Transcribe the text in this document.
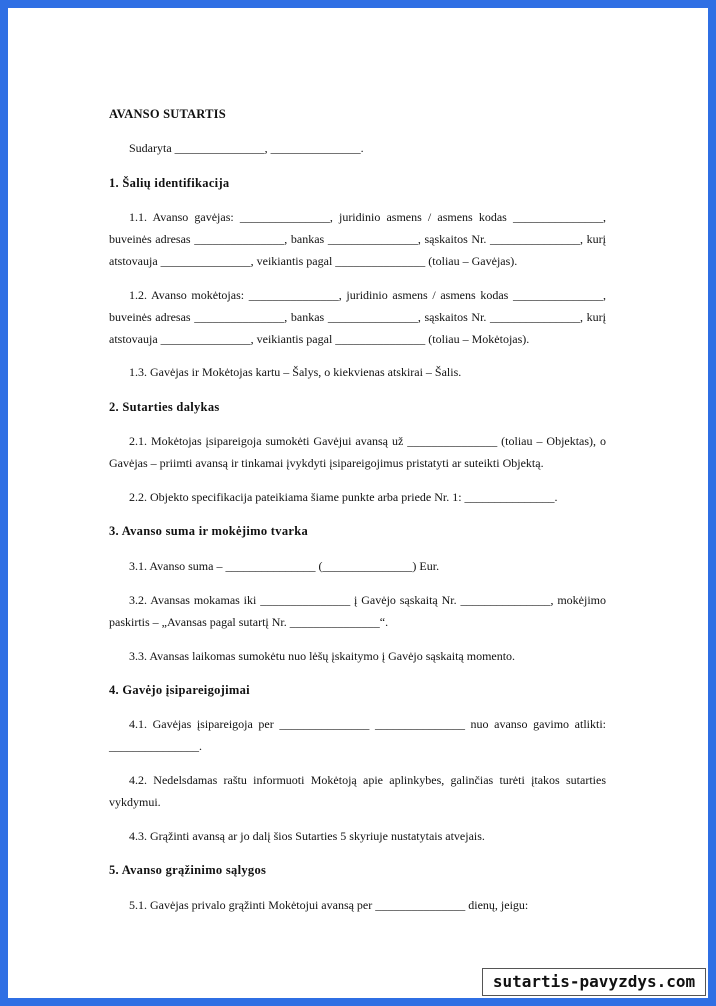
AVANSO SUTARTIS

Sudaryta _______________, _______________.

1. Šalių identifikacija

1.1. Avanso gavėjas: _______________, juridinio asmens / asmens kodas _______________, buveinės adresas _______________, bankas _______________, sąskaitos Nr. _______________, kurį atstovauja _______________, veikiantis pagal _______________ (toliau – Gavėjas).

1.2. Avanso mokėtojas: _______________, juridinio asmens / asmens kodas _______________, buveinės adresas _______________, bankas _______________, sąskaitos Nr. _______________, kurį atstovauja _______________, veikiantis pagal _______________ (toliau – Mokėtojas).

1.3. Gavėjas ir Mokėtojas kartu – Šalys, o kiekvienas atskirai – Šalis.

2. Sutarties dalykas

2.1. Mokėtojas įsipareigoja sumokėti Gavėjui avansą už _______________ (toliau – Objektas), o Gavėjas – priimti avansą ir tinkamai įvykdyti įsipareigojimus pristatyti ar suteikti Objektą.

2.2. Objekto specifikacija pateikiama šiame punkte arba priede Nr. 1: _______________.

3. Avanso suma ir mokėjimo tvarka

3.1. Avanso suma – _______________ (_______________) Eur.

3.2. Avansas mokamas iki _______________ į Gavėjo sąskaitą Nr. _______________, mokėjimo paskirtis – „Avansas pagal sutartį Nr. _______________“.

3.3. Avansas laikomas sumokėtu nuo lėšų įskaitymo į Gavėjo sąskaitą momento.

4. Gavėjo įsipareigojimai

4.1. Gavėjas įsipareigoja per _______________ _______________ nuo avanso gavimo atlikti: _______________.

4.2. Nedelsdamas raštu informuoti Mokėtoją apie aplinkybes, galinčias turėti įtakos sutarties vykdymui.

4.3. Grąžinti avansą ar jo dalį šios Sutarties 5 skyriuje nustatytais atvejais.

5. Avanso grąžinimo sąlygos

5.1. Gavėjas privalo grąžinti Mokėtojui avansą per _______________ dienų, jeigu:

sutartis-pavyzdys.com
